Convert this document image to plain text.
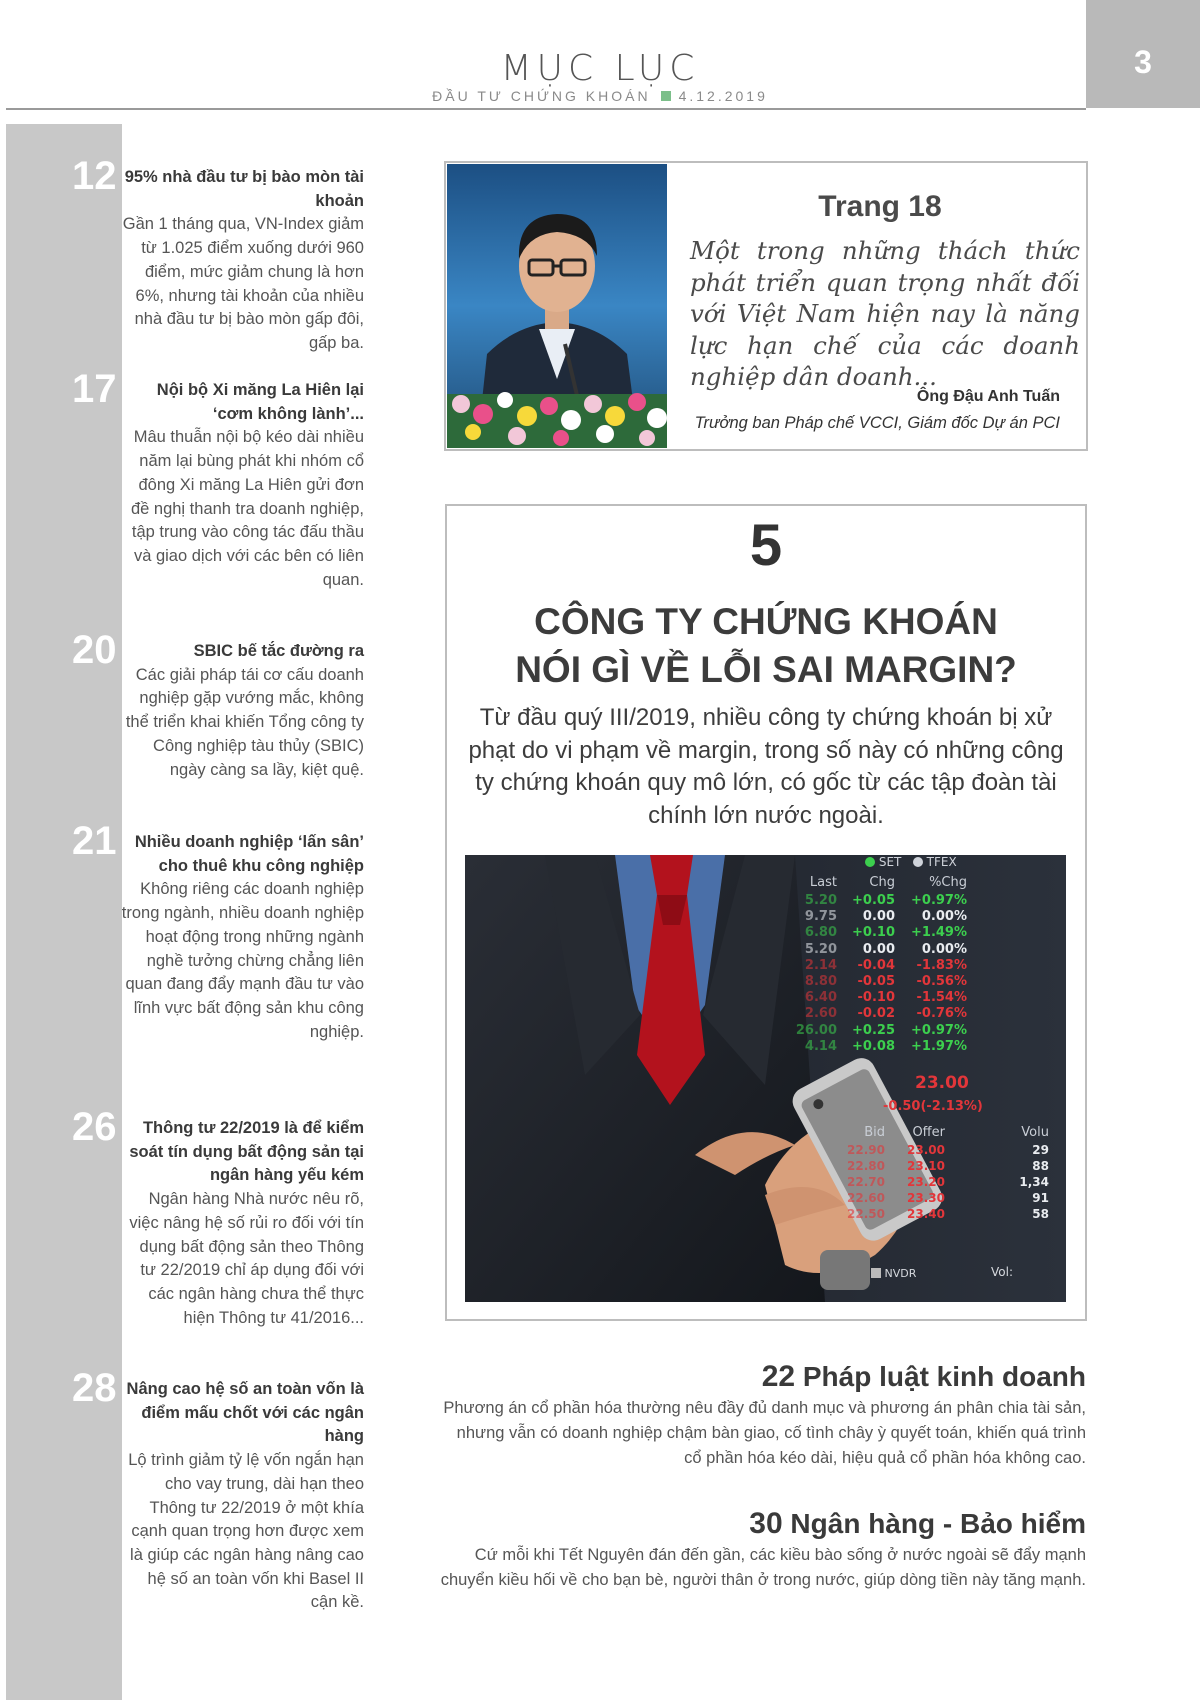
MỤC LỤC
ĐẦU TƯ CHỨNG KHOÁN 4.12.2019
3
12 95% nhà đầu tư bị bào mòn tài khoản
Gần 1 tháng qua, VN-Index giảm từ 1.025 điểm xuống dưới 960 điểm, mức giảm chung là hơn 6%, nhưng tài khoản của nhiều nhà đầu tư bị bào mòn gấp đôi, gấp ba.
17	Nội bộ Xi măng La Hiên lại ‘cơm không lành’...
Mâu thuẫn nội bộ kéo dài nhiều năm lại bùng phát khi nhóm cổ đông Xi măng La Hiên gửi đơn đề nghị thanh tra doanh nghiệp, tập trung vào công tác đấu thầu và giao dịch với các bên có liên quan.
20	SBIC bế tắc đường ra
Các giải pháp tái cơ cấu doanh nghiệp gặp vướng mắc, không thể triển khai khiến Tổng công ty Công nghiệp tàu thủy (SBIC) ngày càng sa lầy, kiệt quệ.
21	Nhiều doanh nghiệp ‘lấn sân’ cho thuê khu công nghiệp
Không riêng các doanh nghiệp trong ngành, nhiều doanh nghiệp hoạt động trong những ngành nghề tưởng chừng chẳng liên quan đang đẩy mạnh đầu tư vào lĩnh vực bất động sản khu công nghiệp.
26	Thông tư 22/2019 là để kiểm soát tín dụng bất động sản tại ngân hàng yếu kém
Ngân hàng Nhà nước nêu rõ, việc nâng hệ số rủi ro đối với tín dụng bất động sản theo Thông tư 22/2019 chỉ áp dụng đối với các ngân hàng chưa thể thực hiện Thông tư 41/2016...
28 Nâng cao hệ số an toàn vốn là điểm mấu chốt với các ngân hàng
Lộ trình giảm tỷ lệ vốn ngắn hạn cho vay trung, dài hạn theo Thông tư 22/2019 ở một khía cạnh quan trọng hơn được xem là giúp các ngân hàng nâng cao hệ số an toàn vốn khi Basel II cận kề.
Trang 18
Một trong những thách thức phát triển quan trọng nhất đối với Việt Nam hiện nay là năng lực hạn chế của các doanh nghiệp dân doanh...
Ông Đậu Anh Tuấn
Trưởng ban Pháp chế VCCI, Giám đốc Dự án PCI
5
CÔNG TY CHỨNG KHOÁN
NÓI GÌ VỀ LỖI SAI MARGIN?
Từ đầu quý III/2019, nhiều công ty chứng khoán bị xử phạt do vi phạm về margin, trong số này có những công ty chứng khoán quy mô lớn, có gốc từ các tập đoàn tài chính lớn nước ngoài.
SET TFEX
Last	Chg	%Chg
5.20	+0.05	+0.97%
9.75	0.00	0.00%
6.80	+0.10	+1.49%
5.20	0.00	0.00%
2.14	-0.04	-1.83%
8.80	-0.05	-0.56%
6.40	-0.10	-1.54%
2.60	-0.02	-0.76%
26.00	+0.25	+0.97%
4.14	+0.08	+1.97%
23.00
-0.50(-2.13%)
Bid	Offer	Volu
22.90	23.00	29
22.80	23.10	88
22.70	23.20	1,34
22.60	23.30	91
22.50	23.40	58
NVDR	Vol:
22 Pháp luật kinh doanh
Phương án cổ phần hóa thường nêu đầy đủ danh mục và phương án phân chia tài sản, nhưng vẫn có doanh nghiệp chậm bàn giao, cố tình chây ỳ quyết toán, khiến quá trình cổ phần hóa kéo dài, hiệu quả cổ phần hóa không cao.
30 Ngân hàng - Bảo hiểm
Cứ mỗi khi Tết Nguyên đán đến gần, các kiều bào sống ở nước ngoài sẽ đẩy mạnh chuyển kiều hối về cho bạn bè, người thân ở trong nước, giúp dòng tiền này tăng mạnh.
